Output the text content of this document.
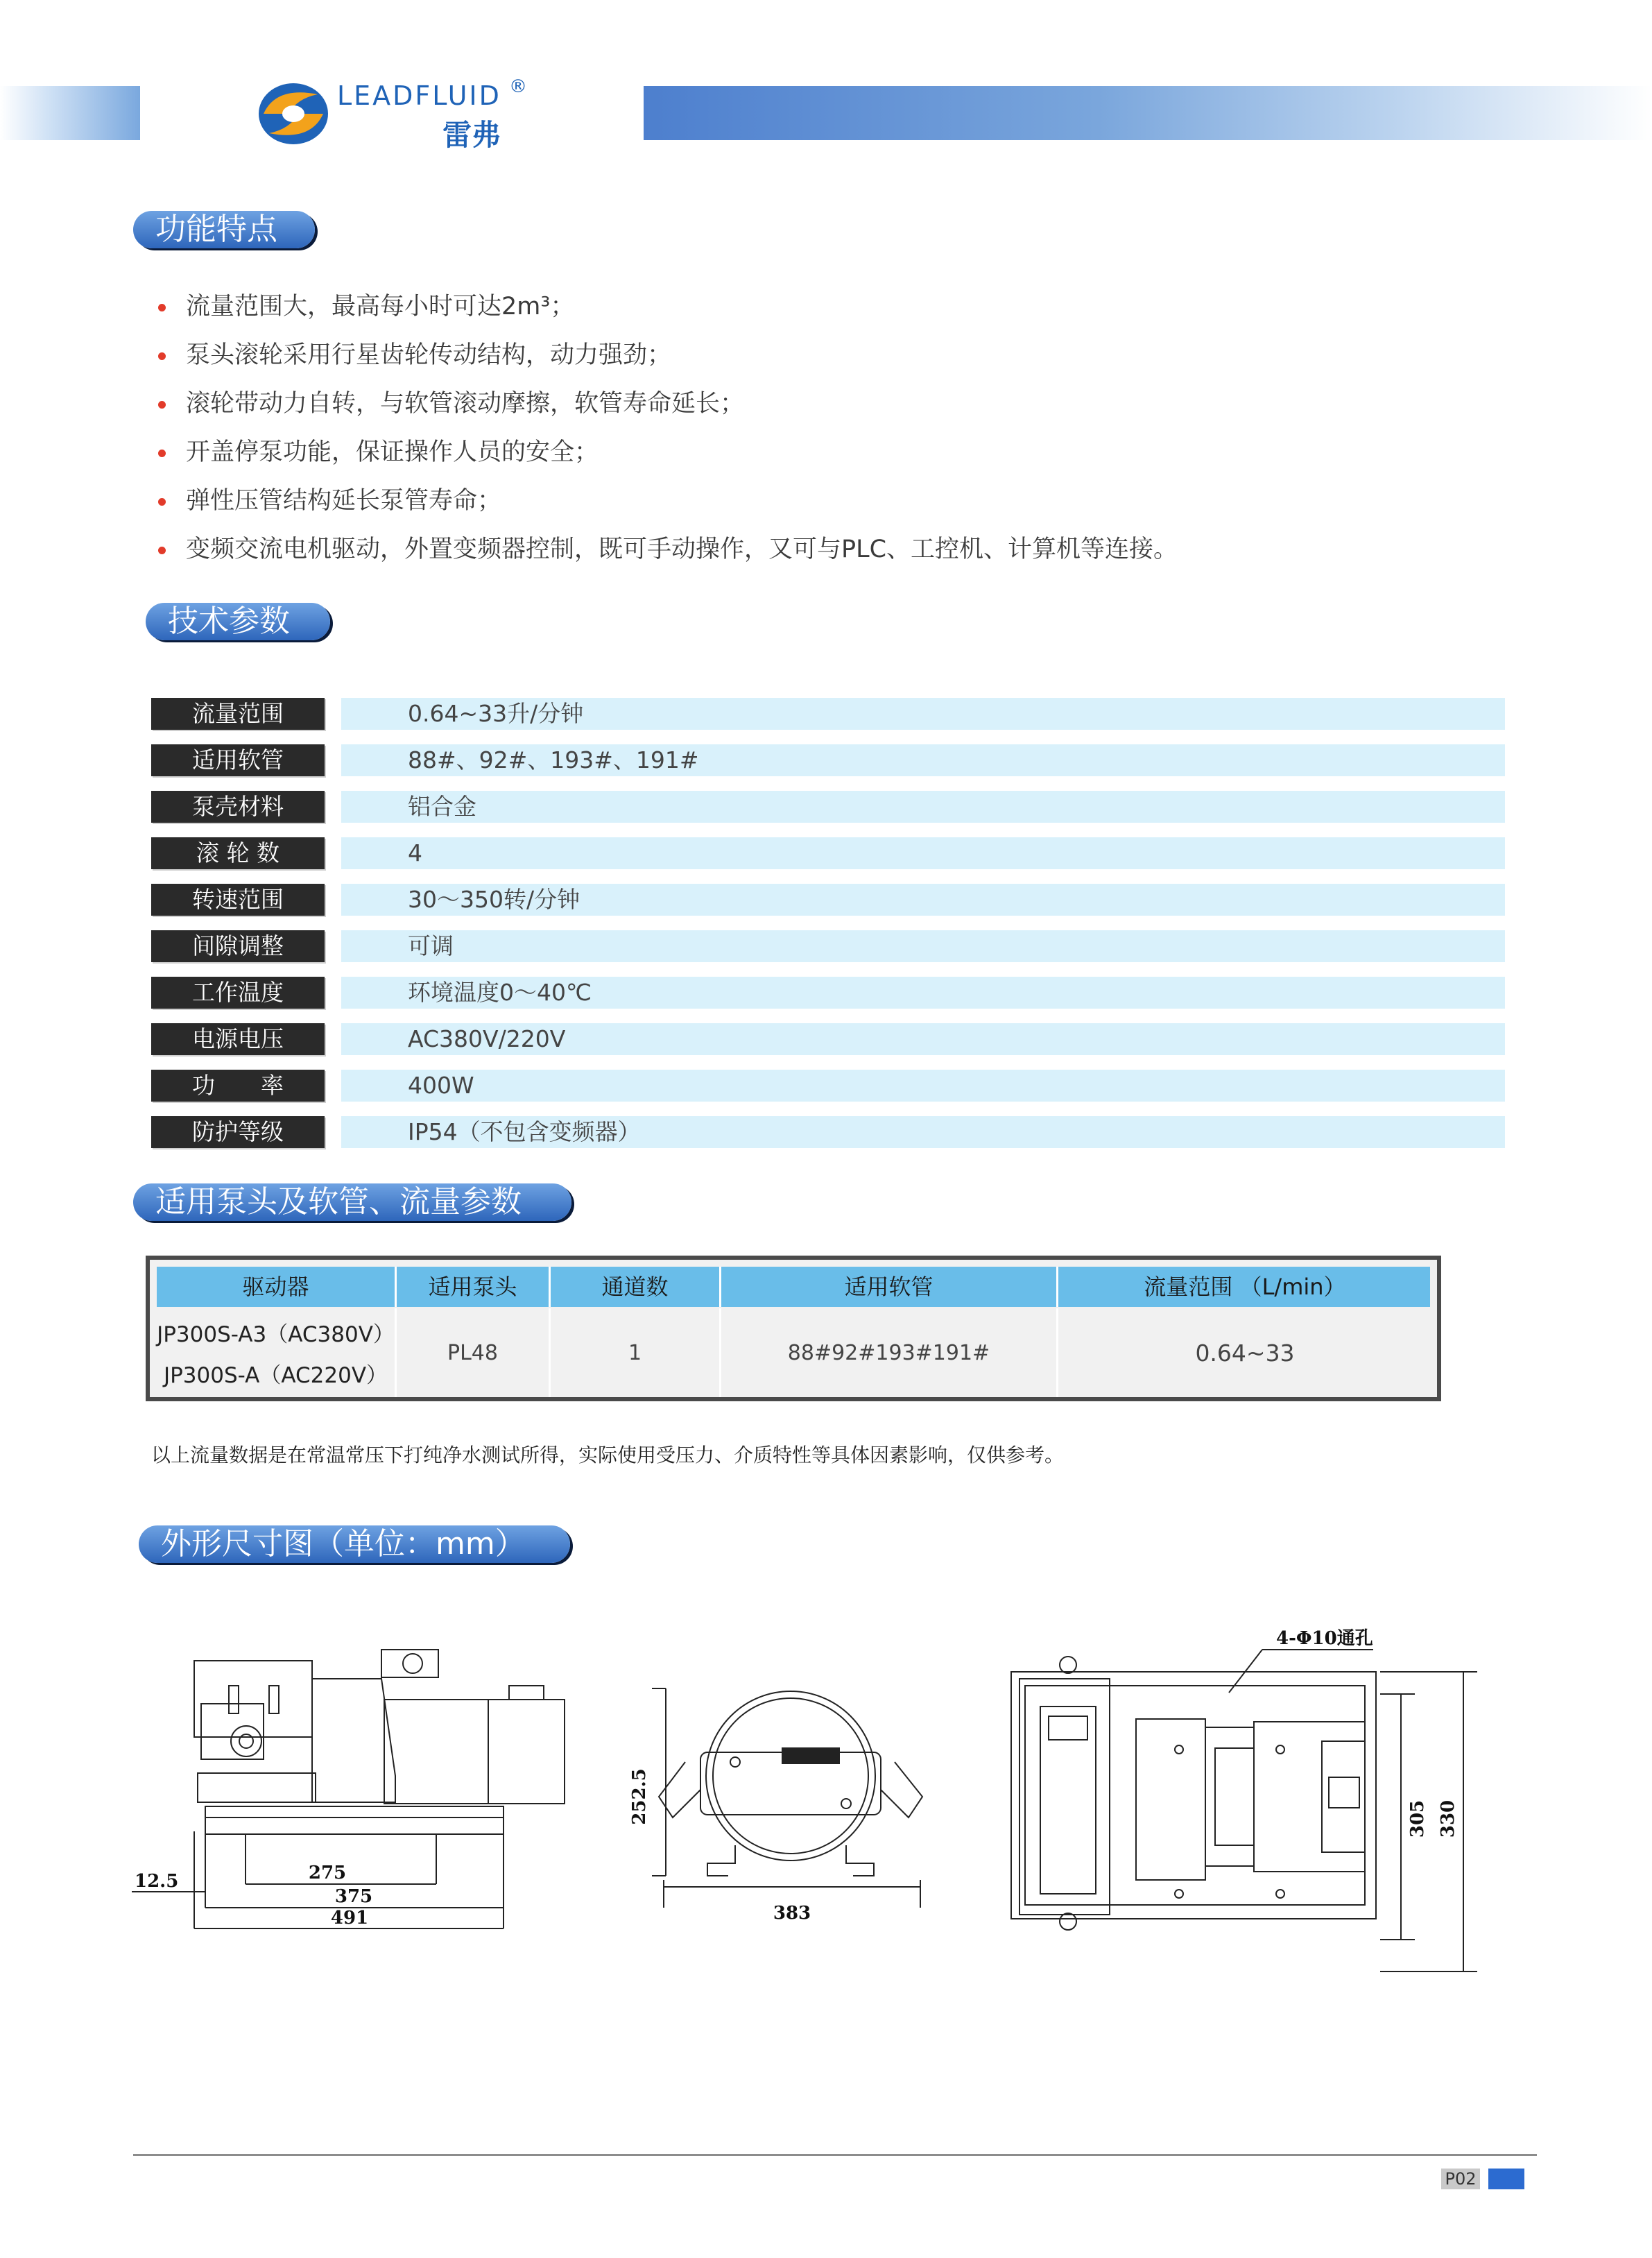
LEADFLUID ®
雷弗
功能特点
流量范围大，最高每小时可达2m³；
泵头滚轮采用行星齿轮传动结构，动力强劲；
滚轮带动力自转，与软管滚动摩擦，软管寿命延长；
开盖停泵功能，保证操作人员的安全；
弹性压管结构延长泵管寿命；
变频交流电机驱动，外置变频器控制，既可手动操作，又可与PLC、工控机、计算机等连接。
技术参数
流量范围	0.64~33升/分钟
适用软管	88#、92#、193#、191#
泵壳材料	铝合金
滚 轮 数	4
转速范围	30～350转/分钟
间隙调整	可调
工作温度	环境温度0～40℃
电源电压	AC380V/220V
功　　率	400W
防护等级	IP54（不包含变频器）
适用泵头及软管、流量参数
驱动器	适用泵头	通道数	适用软管	流量范围 （L/min）
JP300S-A3（AC380V）
JP300S-A（AC220V）
PL48	1	88#92#193#191#	0.64~33
以上流量数据是在常温常压下打纯净水测试所得，实际使用受压力、介质特性等具体因素影响，仅供参考。
外形尺寸图（单位：mm）
12.5	275
375
491
252.5
383
4-Φ10通孔
305 330
P02
